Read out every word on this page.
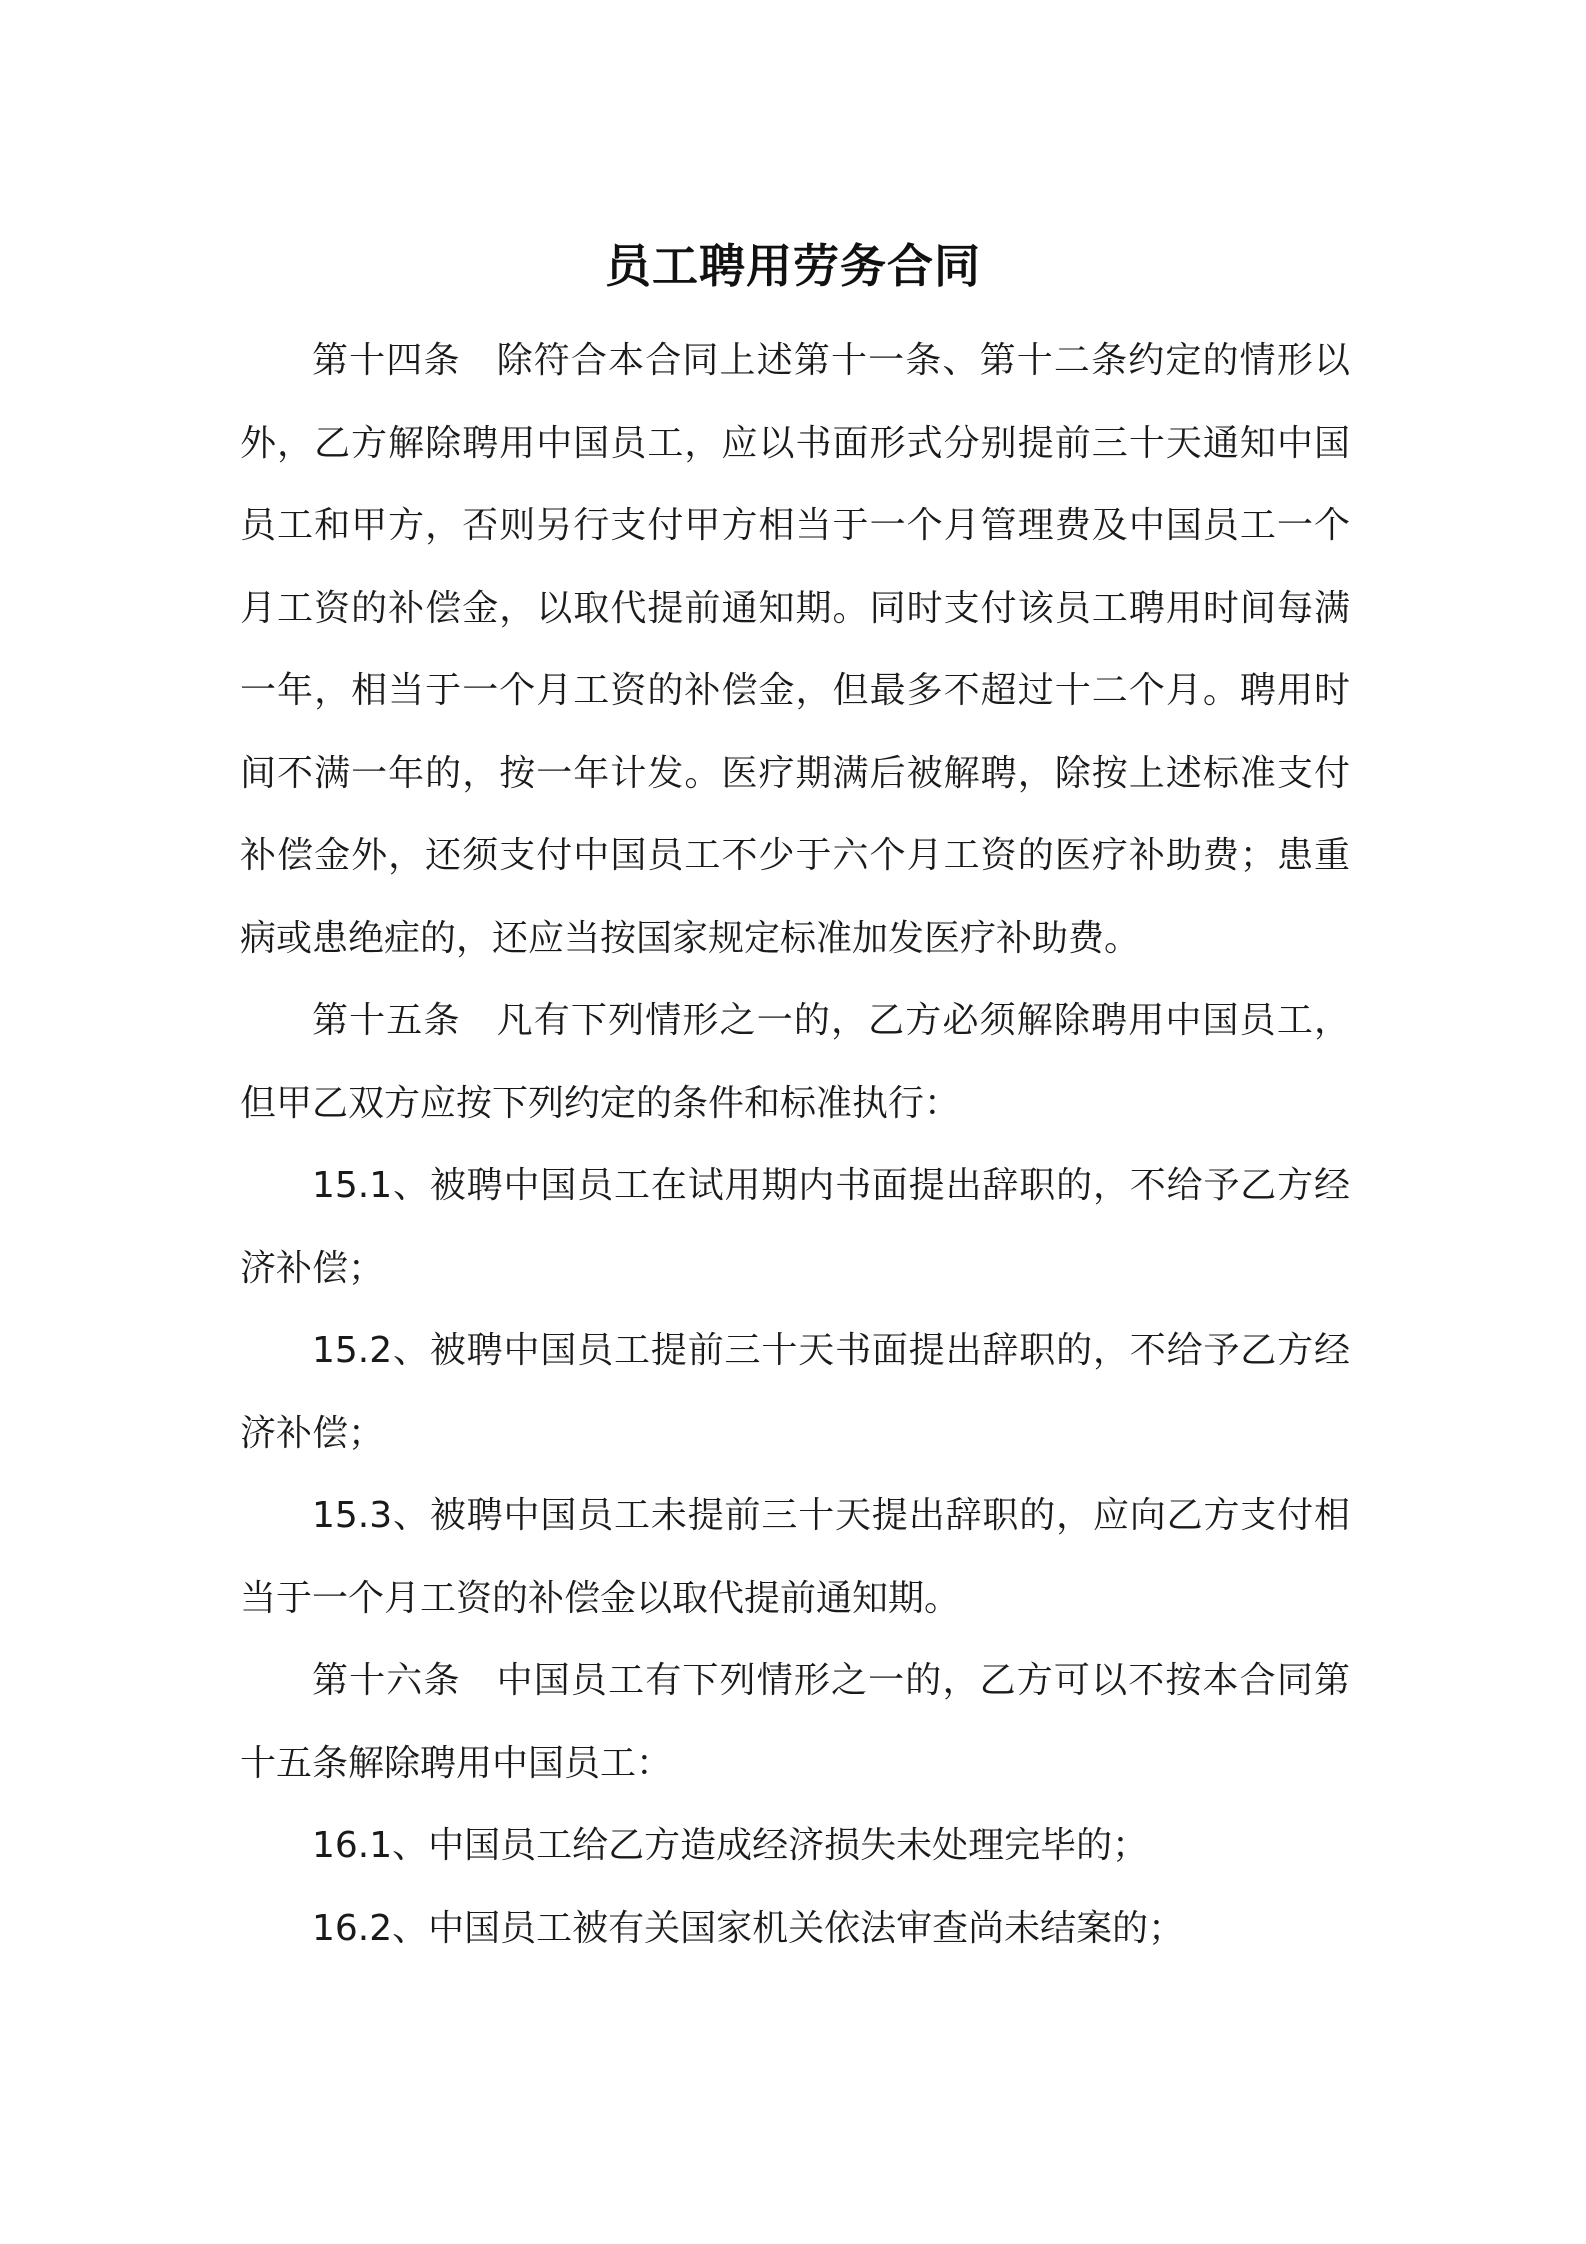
员工聘用劳务合同

第十四条 除符合本合同上述第十一条、第十二条约定的情形以外，乙方解除聘用中国员工，应以书面形式分别提前三十天通知中国员工和甲方，否则另行支付甲方相当于一个月管理费及中国员工一个月工资的补偿金，以取代提前通知期。同时支付该员工聘用时间每满一年，相当于一个月工资的补偿金，但最多不超过十二个月。聘用时间不满一年的，按一年计发。医疗期满后被解聘，除按上述标准支付补偿金外，还须支付中国员工不少于六个月工资的医疗补助费；患重病或患绝症的，还应当按国家规定标准加发医疗补助费。

第十五条 凡有下列情形之一的，乙方必须解除聘用中国员工，但甲乙双方应按下列约定的条件和标准执行：

15.1、被聘中国员工在试用期内书面提出辞职的，不给予乙方经济补偿；

15.2、被聘中国员工提前三十天书面提出辞职的，不给予乙方经济补偿；

15.3、被聘中国员工未提前三十天提出辞职的，应向乙方支付相当于一个月工资的补偿金以取代提前通知期。

第十六条 中国员工有下列情形之一的，乙方可以不按本合同第十五条解除聘用中国员工：

16.1、中国员工给乙方造成经济损失未处理完毕的；

16.2、中国员工被有关国家机关依法审查尚未结案的；
